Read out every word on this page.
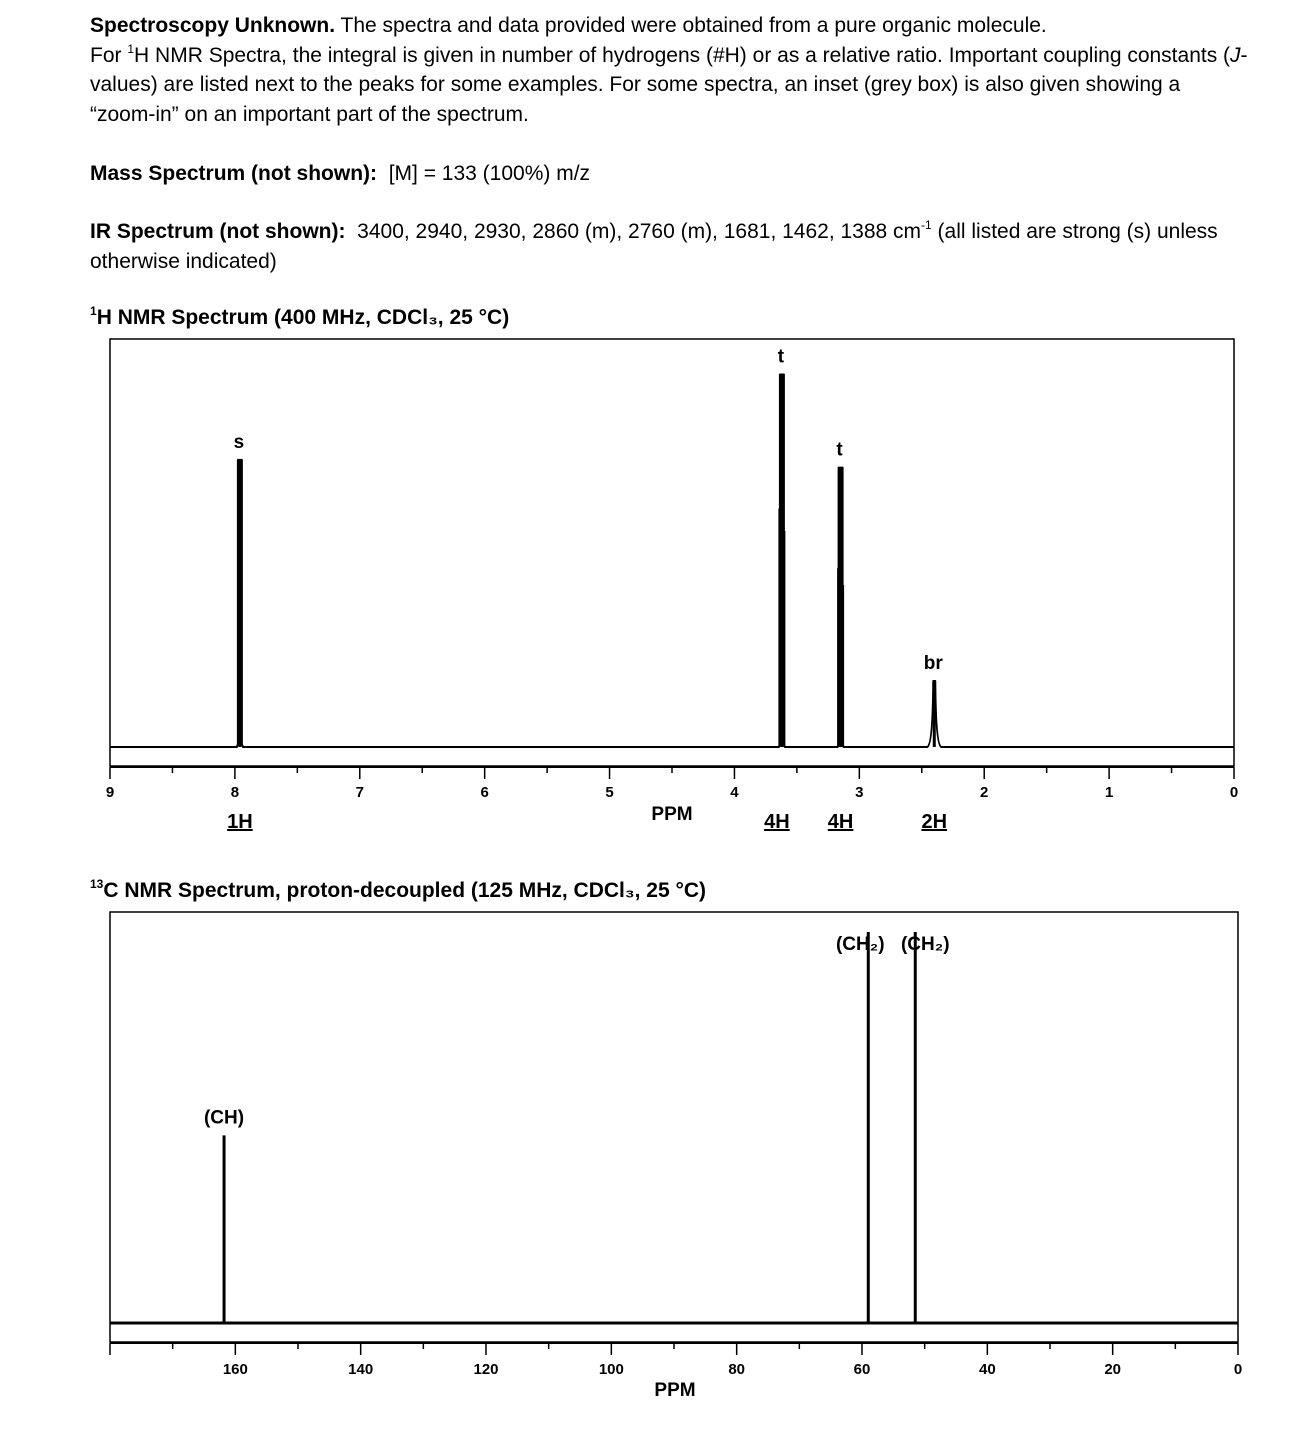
Spectroscopy Unknown. The spectra and data provided were obtained from a pure organic molecule.
For $^1$H NMR Spectra, the integral is given in number of hydrogens (#H) or as a relative ratio. Important coupling constants (J-values) are listed next to the peaks for some examples. For some spectra, an inset (grey box) is also given showing a “zoom-in” on an important part of the spectrum.
Mass Spectrum (not shown): [M] = 133 (100%) m/z
IR Spectrum (not shown): 3400, 2940, 2930, 2860 (m), 2760 (m), 1681, 1462, 1388 $cm^{-1}$ (all listed are strong (s) unless otherwise indicated)
$^1$H NMR Spectrum (400 MHz, CDCl₃, 25 °C)
$^{13}$C NMR Spectrum, proton-decoupled (125 MHz, CDCl₃, 25 °C)
s
1H
t
4H
t
4H
br
2H
9	8	7	6	5	4	3	2	1	0
PPM
(CH)
(CH₂) (CH₂)
160	140	120	100	80	60	40	20	0
PPM
